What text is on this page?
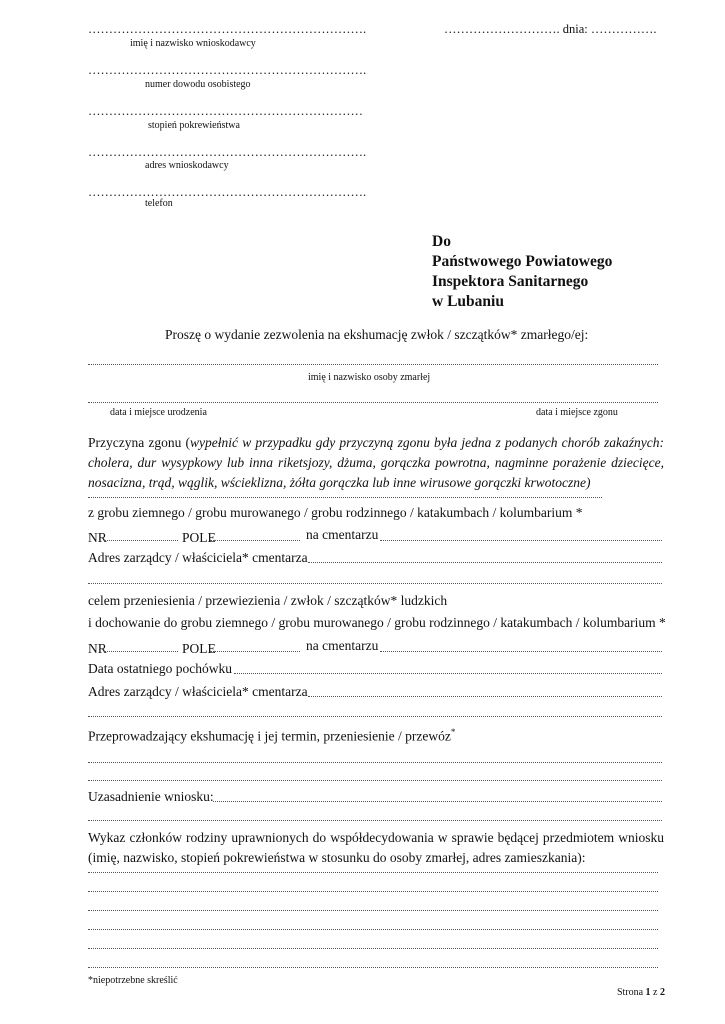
………………………………………………………….
imię i nazwisko wnioskodawcy
………………………………………………………….
numer dowodu osobistego
…………………………………………………………
stopień pokrewieństwa
………………………………………………………….
adres wnioskodawcy
………………………………………………………….
telefon
………………………. dnia: …………….
Do
Państwowego Powiatowego
Inspektora Sanitarnego
w Lubaniu
Proszę o wydanie zezwolenia na ekshumację zwłok / szczątków* zmarłego/ej:
imię i nazwisko osoby zmarłej
data i miejsce urodzenia	data i miejsce zgonu
Przyczyna zgonu (wypełnić w przypadku gdy przyczyną zgonu była jedna z podanych chorób zakaźnych: cholera, dur wysypkowy lub inna riketsjozy, dżuma, gorączka powrotna, nagminne porażenie dziecięce, nosacizna, trąd, wąglik, wścieklizna, żółta gorączka lub inne wirusowe gorączki krwotoczne)
z grobu ziemnego / grobu murowanego / grobu rodzinnego / katakumbach / kolumbarium *
NR	POLE	na cmentarzu
Adres zarządcy / właściciela* cmentarza
celem przeniesienia / przewiezienia / zwłok / szczątków* ludzkich
i dochowanie do grobu ziemnego / grobu murowanego / grobu rodzinnego / katakumbach / kolumbarium *
NR	POLE	na cmentarzu
Data ostatniego pochówku
Adres zarządcy / właściciela* cmentarza
Przeprowadzający ekshumację i jej termin, przeniesienie / przewóz*
Uzasadnienie wniosku:
Wykaz członków rodziny uprawnionych do współdecydowania w sprawie będącej przedmiotem wniosku (imię, nazwisko, stopień pokrewieństwa w stosunku do osoby zmarłej, adres zamieszkania):
*niepotrzebne skreślić
Strona 1 z 2
